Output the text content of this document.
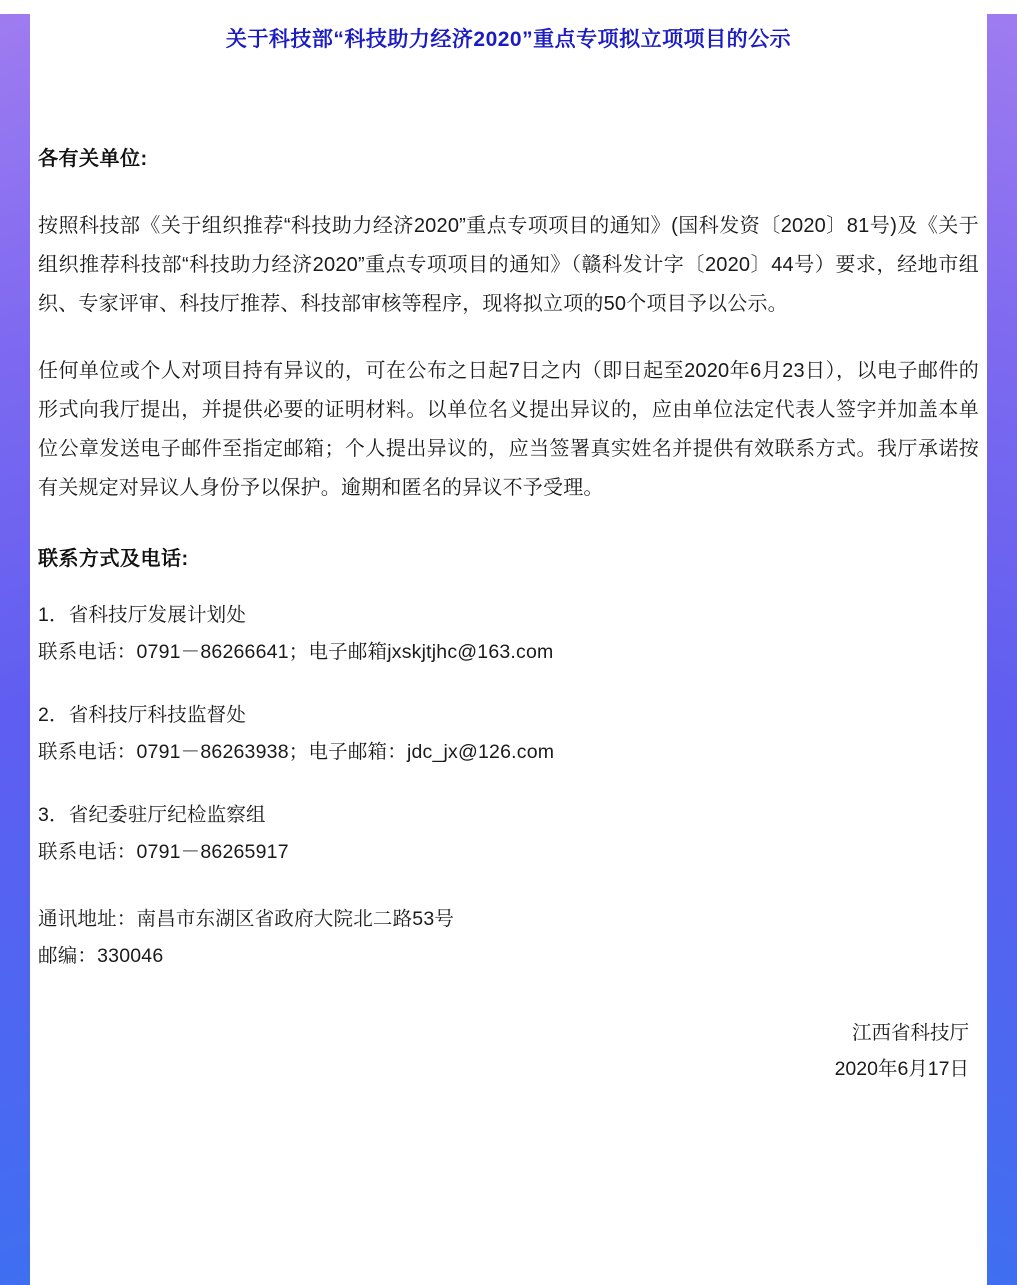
关于科技部“科技助力经济2020”重点专项拟立项项目的公示
各有关单位:

按照科技部《关于组织推荐“科技助力经济2020”重点专项项目的通知》(国科发资〔2020〕81号)及《关于组织推荐科技部“科技助力经济2020”重点专项项目的通知》（赣科发计字〔2020〕44号）要求，经地市组织、专家评审、科技厅推荐、科技部审核等程序，现将拟立项的50个项目予以公示。

任何单位或个人对项目持有异议的，可在公布之日起7日之内（即日起至2020年6月23日），以电子邮件的形式向我厅提出，并提供必要的证明材料。以单位名义提出异议的，应由单位法定代表人签字并加盖本单位公章发送电子邮件至指定邮箱；个人提出异议的，应当签署真实姓名并提供有效联系方式。我厅承诺按有关规定对异议人身份予以保护。逾期和匿名的异议不予受理。

联系方式及电话:
1．省科技厅发展计划处
联系电话：0791－86266641；电子邮箱jxskjtjhc@163.com
2．省科技厅科技监督处
联系电话：0791－86263938；电子邮箱：jdc_jx@126.com
3．省纪委驻厅纪检监察组
联系电话：0791－86265917
通讯地址：南昌市东湖区省政府大院北二路53号
邮编：330046
江西省科技厅
2020年6月17日
